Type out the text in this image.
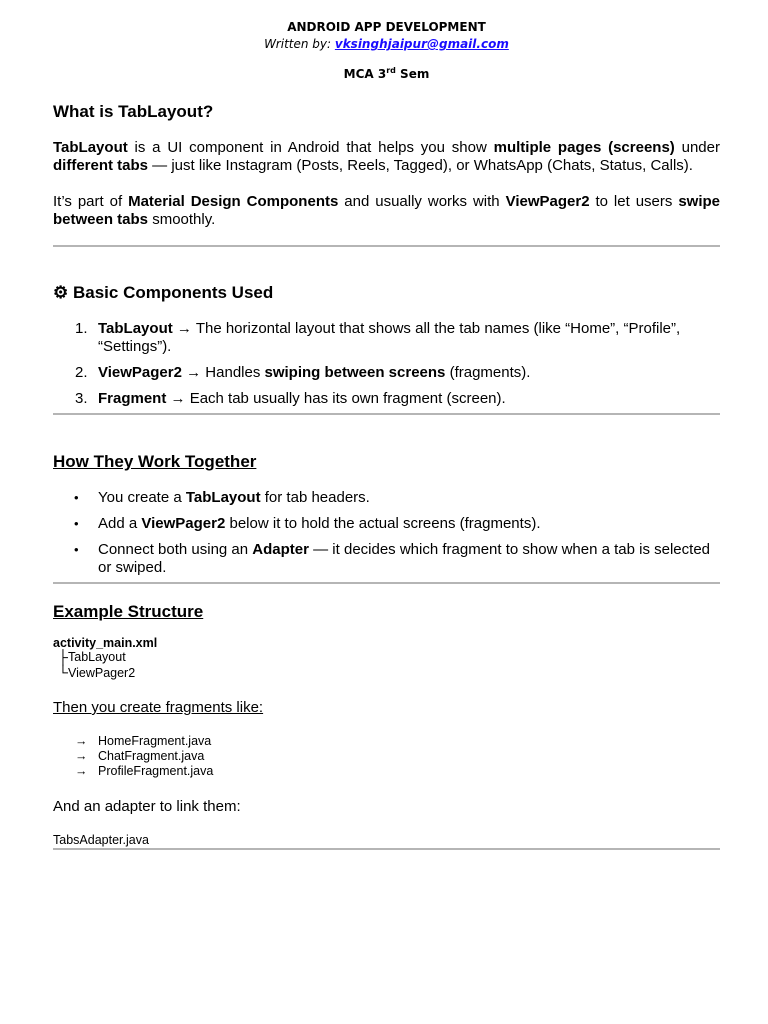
ANDROID APP DEVELOPMENT
Written by: vksinghjaipur@gmail.com
MCA 3rd Sem
What is TabLayout?

TabLayout is a UI component in Android that helps you show multiple pages (screens) under different tabs — just like Instagram (Posts, Reels, Tagged), or WhatsApp (Chats, Status, Calls).

It’s part of Material Design Components and usually works with ViewPager2 to let users swipe between tabs smoothly.

⚙ Basic Components Used
1. TabLayout → The horizontal layout that shows all the tab names (like “Home”, “Profile”, “Settings”).
2. ViewPager2 → Handles swiping between screens (fragments).
3. Fragment → Each tab usually has its own fragment (screen).
How They Work Together
• You create a TabLayout for tab headers.
• Add a ViewPager2 below it to hold the actual screens (fragments).
• Connect both using an Adapter — it decides which fragment to show when a tab is selected or swiped.
Example Structure
activity_main.xml
├ TabLayout
└ ViewPager2
Then you create fragments like:
→ HomeFragment.java
→ ChatFragment.java
→ ProfileFragment.java
And an adapter to link them:
TabsAdapter.java
